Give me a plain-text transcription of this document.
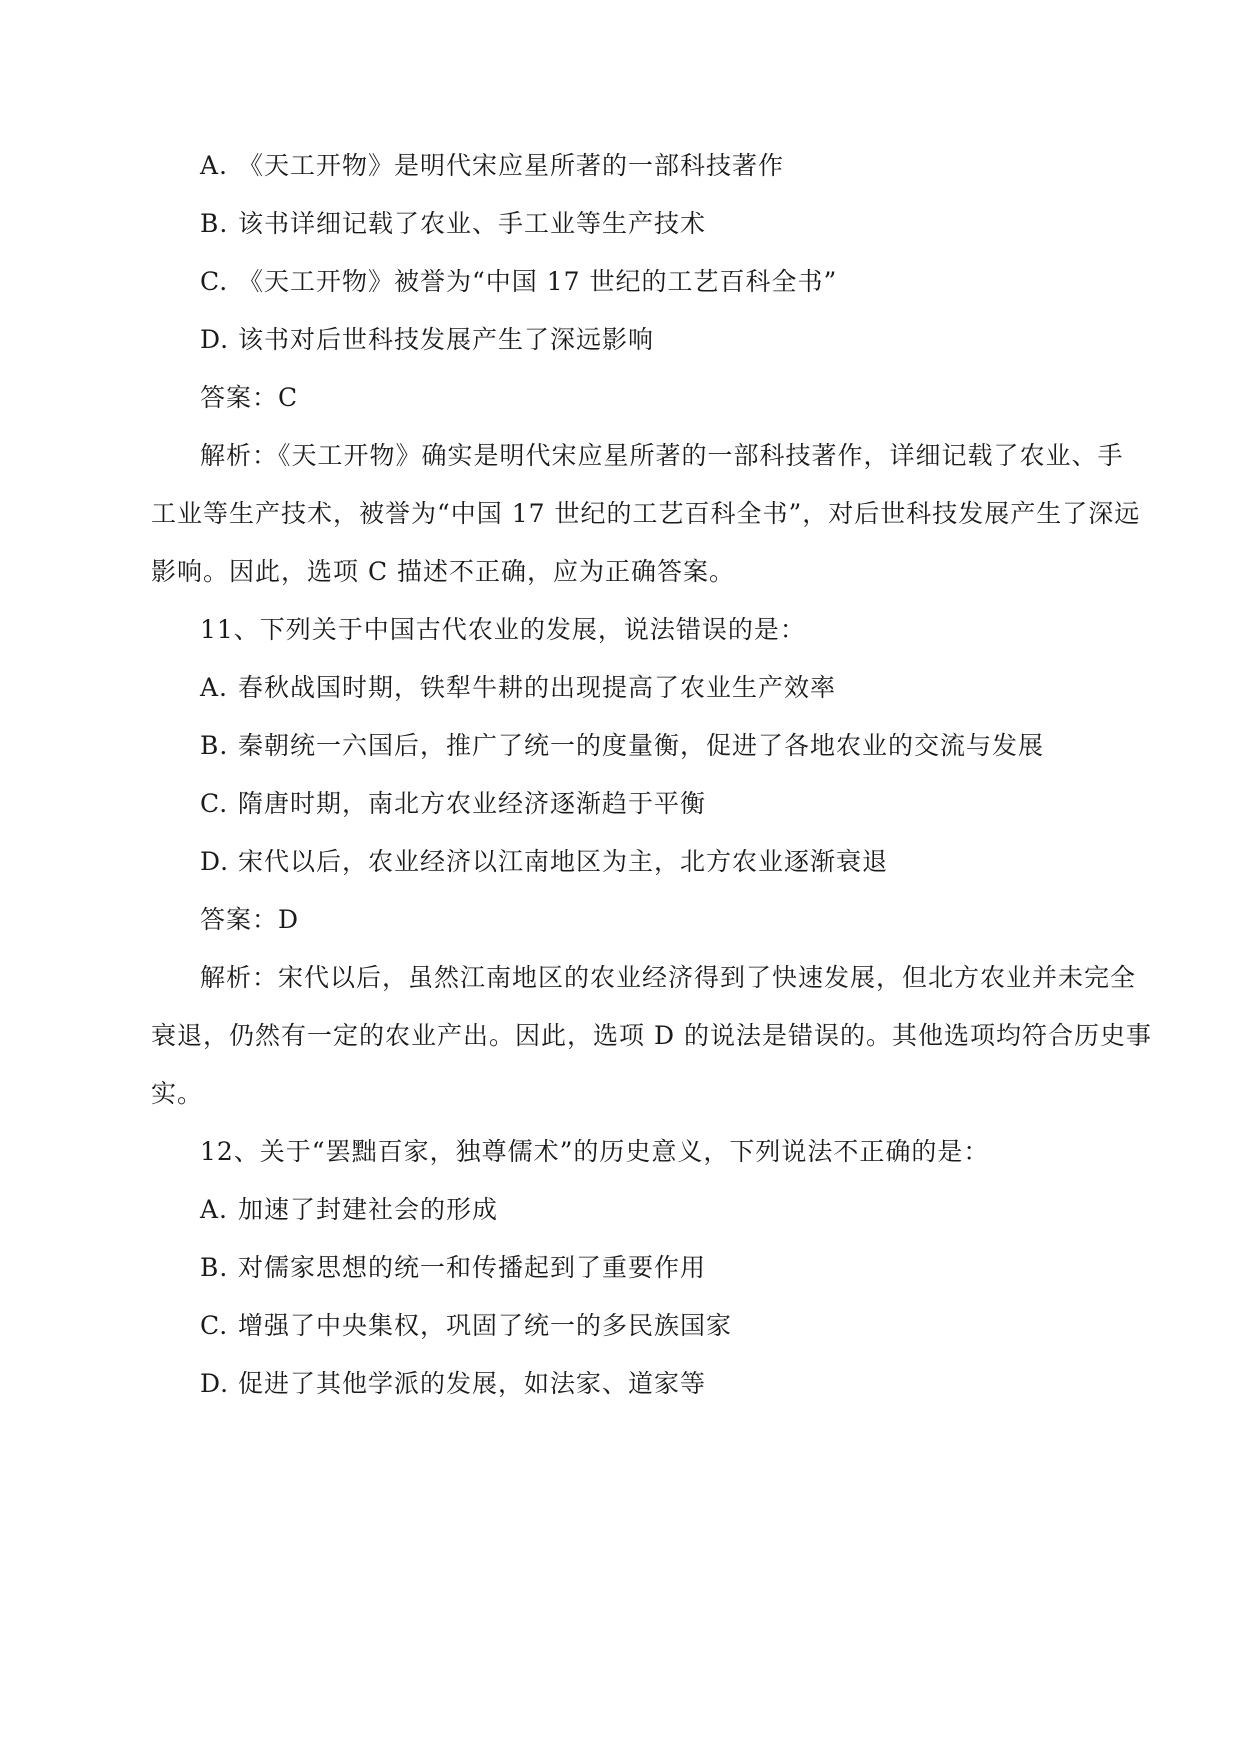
A. 《天工开物》是明代宋应星所著的一部科技著作
B. 该书详细记载了农业、手工业等生产技术
C. 《天工开物》被誉为“中国 17 世纪的工艺百科全书”
D. 该书对后世科技发展产生了深远影响
答案：C
解析：《天工开物》确实是明代宋应星所著的一部科技著作，详细记载了农业、手
工业等生产技术，被誉为“中国 17 世纪的工艺百科全书”，对后世科技发展产生了深远
影响。因此，选项 C 描述不正确，应为正确答案。
11、下列关于中国古代农业的发展，说法错误的是：
A. 春秋战国时期，铁犁牛耕的出现提高了农业生产效率
B. 秦朝统一六国后，推广了统一的度量衡，促进了各地农业的交流与发展
C. 隋唐时期，南北方农业经济逐渐趋于平衡
D. 宋代以后，农业经济以江南地区为主，北方农业逐渐衰退
答案：D
解析：宋代以后，虽然江南地区的农业经济得到了快速发展，但北方农业并未完全
衰退，仍然有一定的农业产出。因此，选项 D 的说法是错误的。其他选项均符合历史事
实。
12、关于“罢黜百家，独尊儒术”的历史意义，下列说法不正确的是：
A. 加速了封建社会的形成
B. 对儒家思想的统一和传播起到了重要作用
C. 增强了中央集权，巩固了统一的多民族国家
D. 促进了其他学派的发展，如法家、道家等
